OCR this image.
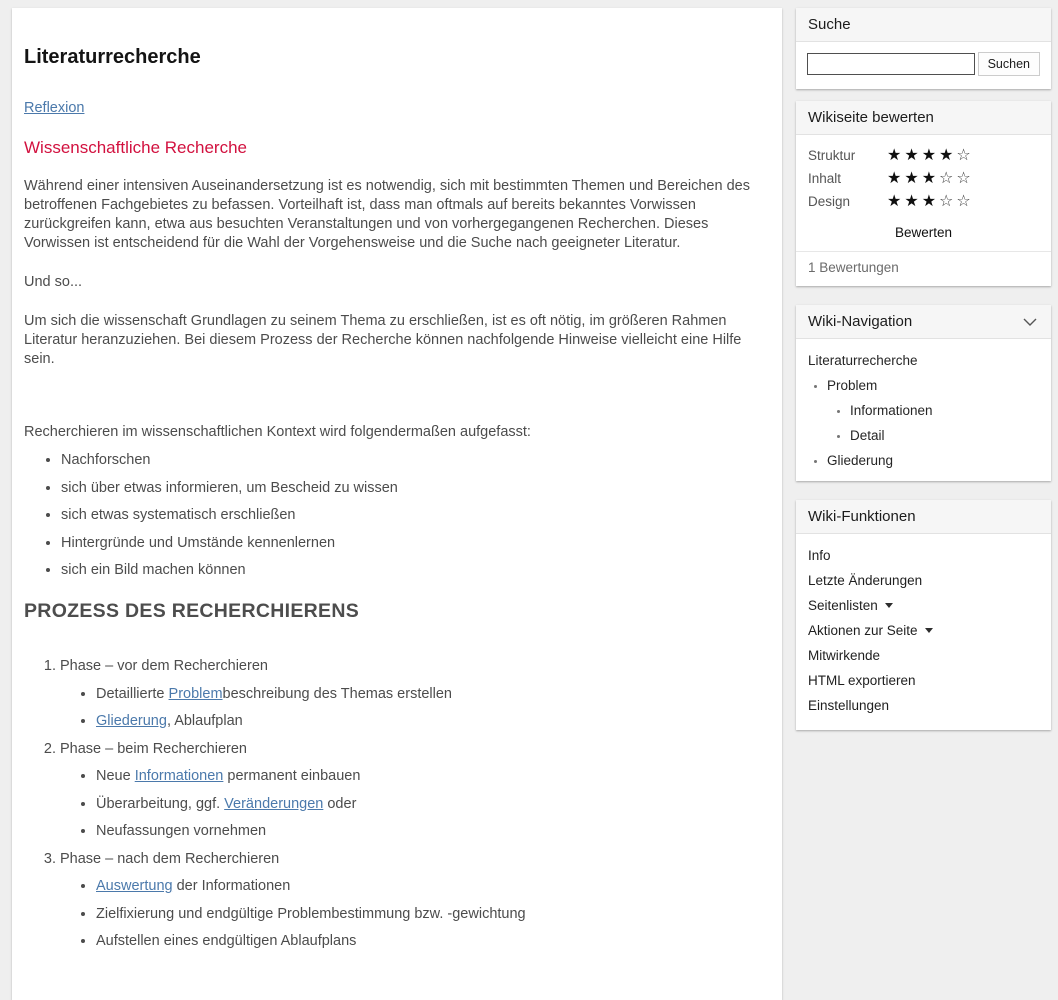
Literaturrecherche

Reflexion

Wissenschaftliche Recherche

Während einer intensiven Auseinandersetzung ist es notwendig, sich mit bestimmten Themen und Bereichen des betroffenen Fachgebietes zu befassen. Vorteilhaft ist, dass man oftmals auf bereits bekanntes Vorwissen zurückgreifen kann, etwa aus besuchten Veranstaltungen und von vorhergegangenen Recherchen. Dieses Vorwissen ist entscheidend für die Wahl der Vorgehensweise und die Suche nach geeigneter Literatur.

Und so...

Um sich die wissenschaft Grundlagen zu seinem Thema zu erschließen, ist es oft nötig, im größeren Rahmen Literatur heranzuziehen. Bei diesem Prozess der Recherche können nachfolgende Hinweise vielleicht eine Hilfe sein.

Recherchieren im wissenschaftlichen Kontext wird folgendermaßen aufgefasst:

• Nachforschen
• sich über etwas informieren, um Bescheid zu wissen
• sich etwas systematisch erschließen
• Hintergründe und Umstände kennenlernen
• sich ein Bild machen können
PROZESS DES RECHERCHIERENS
1. Phase – vor dem Recherchieren
• Detaillierte Problembeschreibung des Themas erstellen
• Gliederung, Ablaufplan
2. Phase – beim Recherchieren
• Neue Informationen permanent einbauen
• Überarbeitung, ggf. Veränderungen oder
• Neufassungen vornehmen
3. Phase – nach dem Recherchieren
• Auswertung der Informationen
• Zielfixierung und endgültige Problembestimmung bzw. -gewichtung
• Aufstellen eines endgültigen Ablaufplans
Suche
Suchen
Wikiseite bewerten
Struktur	★ ★ ★ ★ ☆
Inhalt	★ ★ ★ ☆ ☆
Design	★ ★ ★ ☆ ☆
Bewerten
1 Bewertungen
Wiki-Navigation
Literaturrecherche
• Problem
• Informationen
• Detail
• Gliederung
Wiki-Funktionen
Info
Letzte Änderungen
Seitenlisten
Aktionen zur Seite
Mitwirkende
HTML exportieren
Einstellungen
